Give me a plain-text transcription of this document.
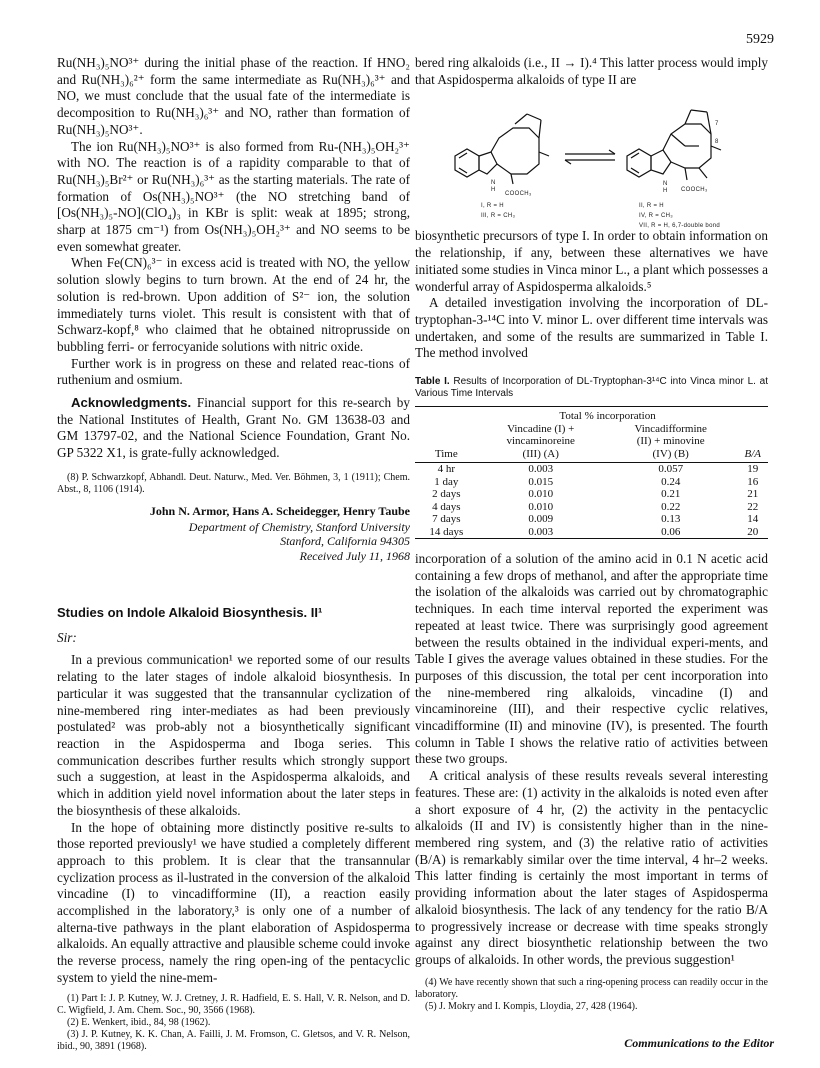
5929

Ru(NH₃)₅NO³⁺ during the initial phase of the reaction. If HNO₂ and Ru(NH₃)₆²⁺ form the same intermediate as Ru(NH₃)₆³⁺ and NO, we must conclude that the usual fate of the intermediate is decomposition to Ru(NH₃)₆³⁺ and NO, rather than formation of Ru(NH₃)₅NO³⁺.

The ion Ru(NH₃)₅NO³⁺ is also formed from Ru-(NH₃)₅OH₂³⁺ with NO. The reaction is of a rapidity comparable to that of Ru(NH₃)₅Br²⁺ or Ru(NH₃)₆³⁺ as the starting materials. The rate of formation of Os(NH₃)₅NO³⁺ (the NO stretching band of [Os(NH₃)₅-NO](ClO₄)₃ in KBr is split: weak at 1895; strong, sharp at 1875 cm⁻¹) from Os(NH₃)₅OH₂³⁺ and NO seems to be even somewhat greater.

When Fe(CN)₆³⁻ in excess acid is treated with NO, the yellow solution slowly begins to turn brown. At the end of 24 hr, the solution is red-brown. Upon addition of S²⁻ ion, the solution immediately turns violet. This result is consistent with that of Schwarz-kopf,⁸ who claimed that he obtained nitroprusside on bubbling ferri- or ferrocyanide solutions with nitric oxide.

Further work is in progress on these and related reac-tions of ruthenium and osmium.

Acknowledgments. Financial support for this re-search by the National Institutes of Health, Grant No. GM 13638-03 and GM 13797-02, and the National Science Foundation, Grant No. GP 5322 X1, is grate-fully acknowledged.

(8) P. Schwarzkopf, Abhandl. Deut. Naturw., Med. Ver. Böhmen, 3, 1 (1911); Chem. Abst., 8, 1106 (1914).

John N. Armor, Hans A. Scheidegger, Henry Taube
Department of Chemistry, Stanford University
Stanford, California 94305
Received July 11, 1968
Studies on Indole Alkaloid Biosynthesis. II¹
Sir:

In a previous communication¹ we reported some of our results relating to the later stages of indole alkaloid biosynthesis. In particular it was suggested that the transannular cyclization of nine-membered ring inter-mediates as had been previously postulated² was prob-ably not a biosynthetically significant reaction in the Aspidosperma and Iboga series. This communication describes further results which strongly support such a suggestion, at least in the Aspidosperma alkaloids, and which in addition yield novel information about the later steps in the biosynthesis of these alkaloids.

In the hope of obtaining more distinctly positive re-sults to those reported previously¹ we have studied a completely different approach to this problem. It is clear that the transannular cyclization process as il-lustrated in the conversion of the alkaloid vincadine (I) to vincadifformine (II), a reaction easily accomplished in the laboratory,³ is only one of a number of alterna-tive pathways in the plant elaboration of Aspidosperma alkaloids. An equally attractive and plausible scheme could invoke the reverse process, namely the ring open-ing of the pentacyclic system to yield the nine-mem-

(1) Part I: J. P. Kutney, W. J. Cretney, J. R. Hadfield, E. S. Hall, V. R. Nelson, and D. C. Wigfield, J. Am. Chem. Soc., 90, 3566 (1968).

(2) E. Wenkert, ibid., 84, 98 (1962).

(3) J. P. Kutney, K. K. Chan, A. Failli, J. M. Fromson, C. Gletsos, and V. R. Nelson, ibid., 90, 3891 (1968).

bered ring alkaloids (i.e., II → I).⁴ This latter process would imply that Aspidosperma alkaloids of type II are

N
H
COOCH₃
N
H COOCH₃
7
8
I, R = H
III, R = CH₃
II, R = H
IV, R = CH₃
VII, R = H, 6,7-double bond

biosynthetic precursors of type I. In order to obtain information on the relationship, if any, between these alternatives we have initiated some studies in Vinca minor L., a plant which possesses a wonderful array of Aspidosperma alkaloids.⁵

A detailed investigation involving the incorporation of DL-tryptophan-3-¹⁴C into V. minor L. over different time intervals was undertaken, and some of the results are summarized in Table I. The method involved

Table I. Results of Incorporation of DL-Tryptophan-3¹⁴C into Vinca minor L. at Various Time Intervals
	Total % incorporation		
	Vincadine (I) +	Vincadifformine	
	vincaminoreine	(II) + minovine	
Time	(III) (A)	(IV) (B)	B/A
4 hr	0.003	0.057	19
1 day	0.015	0.24	16
2 days	0.010	0.21	21
4 days	0.010	0.22	22
7 days	0.009	0.13	14
14 days	0.003	0.06	20

incorporation of a solution of the amino acid in 0.1 N acetic acid containing a few drops of methanol, and after the appropriate time the isolation of the alkaloids was carried out by chromatographic techniques. In each time interval reported the experiment was repeated at least twice. There was surprisingly good agreement between the results obtained in the individual experi-ments, and Table I gives the average values obtained in these studies. For the purposes of this discussion, the total per cent incorporation into the nine-membered ring alkaloids, vincadine (I) and vincaminoreine (III), and their respective cyclic relatives, vincadifformine (II) and minovine (IV), is presented. The fourth column in Table I shows the relative ratio of activities between these two groups.

A critical analysis of these results reveals several interesting features. These are: (1) activity in the alkaloids is noted even after a short exposure of 4 hr, (2) the activity in the pentacyclic alkaloids (II and IV) is consistently higher than in the nine-membered ring system, and (3) the relative ratio of activities (B/A) is remarkably similar over the time interval, 4 hr–2 weeks. This latter finding is certainly the most important in terms of providing information about the later stages of Aspidosperma alkaloid biosynthesis. The lack of any tendency for the ratio B/A to progressively increase or decrease with time speaks strongly against any direct biosynthetic relationship between the two groups of alkaloids. In other words, the previous suggestion¹

(4) We have recently shown that such a ring-opening process can readily occur in the laboratory.

(5) J. Mokry and I. Kompis, Lloydia, 27, 428 (1964).

Communications to the Editor
